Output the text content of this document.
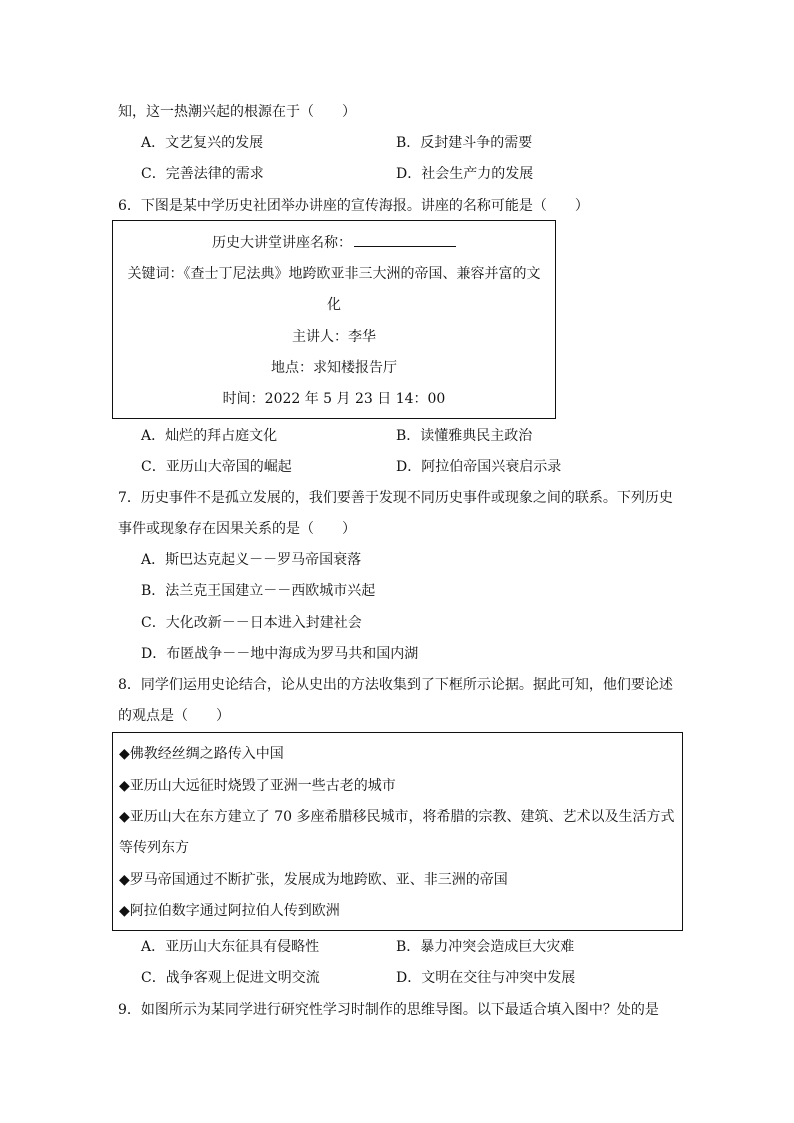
知，这一热潮兴起的根源在于（　　）
A．文艺复兴的发展	B．反封建斗争的需要
C．完善法律的需求	D．社会生产力的发展
6．下图是某中学历史社团举办讲座的宣传海报。讲座的名称可能是（　　）
历史大讲堂讲座名称：
关键词：《查士丁尼法典》地跨欧亚非三大洲的帝国、兼容并富的文
化
主讲人：李华
地点：求知楼报告厅
时间：2022 年 5 月 23 日 14：00
A．灿烂的拜占庭文化	B．读懂雅典民主政治
C．亚历山大帝国的崛起	D．阿拉伯帝国兴衰启示录
7．历史事件不是孤立发展的，我们要善于发现不同历史事件或现象之间的联系。下列历史
事件或现象存在因果关系的是（　　）
A．斯巴达克起义－－罗马帝国衰落
B．法兰克王国建立－－西欧城市兴起
C．大化改新－－日本进入封建社会
D．布匿战争－－地中海成为罗马共和国内湖
8．同学们运用史论结合，论从史出的方法收集到了下框所示论据。据此可知，他们要论述
的观点是（　　）
◆佛教经丝绸之路传入中国
◆亚历山大远征时烧毁了亚洲一些古老的城市
◆亚历山大在东方建立了 70 多座希腊移民城市，将希腊的宗教、建筑、艺术以及生活方式
等传列东方
◆罗马帝国通过不断扩张，发展成为地跨欧、亚、非三洲的帝国
◆阿拉伯数字通过阿拉伯人传到欧洲
A．亚历山大东征具有侵略性	B．暴力冲突会造成巨大灾难
C．战争客观上促进文明交流	D．文明在交往与冲突中发展
9．如图所示为某同学进行研究性学习时制作的思维导图。以下最适合填入图中？处的是
